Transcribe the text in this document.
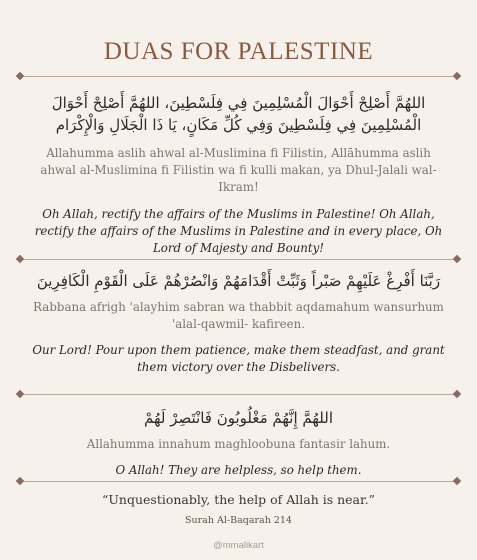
DUAS FOR PALESTINE
اللهُمَّ أَصْلِحْ أَحْوَالَ الْمُسْلِمِينَ فِي فِلَسْطِينَ، اللهُمَّ أَصْلِحْ أَحْوَالَ الْمُسْلِمِينَ فِي فِلَسْطِينَ وَفِي كُلِّ مَكَانٍ، يَا ذَا الْجَلَالِ وَالْإِكْرَام
Allahumma aslih ahwal al-Muslimina fi Filistin, Allāhumma aslih ahwal al-Muslimina fi Filistin wa fi kulli makan, ya Dhul-Jalali wal-Ikram!
Oh Allah, rectify the affairs of the Muslims in Palestine! Oh Allah, rectify the affairs of the Muslims in Palestine and in every place, Oh Lord of Majesty and Bounty!
رَبَّنَا أَفْرِغْ عَلَيْهِمْ صَبْراً وَثَبِّتْ أَقْدَامَهُمْ وَانْصُرْهُمْ عَلَى الْقَوْمِ الْكَافِرِينَ
Rabbana afrigh 'alayhim sabran wa thabbit aqdamahum wansurhum 'alal-qawmil- kafireen.
Our Lord! Pour upon them patience, make them steadfast, and grant them victory over the Disbelivers.
اللهُمَّ إِنَّهُمْ مَغْلُوبُونَ فَانْتَصِرْ لَهُمْ
Allahumma innahum maghloobuna fantasir lahum.
O Allah! They are helpless, so help them.
“Unquestionably, the help of Allah is near.”
Surah Al-Baqarah 214
@mmalikart
